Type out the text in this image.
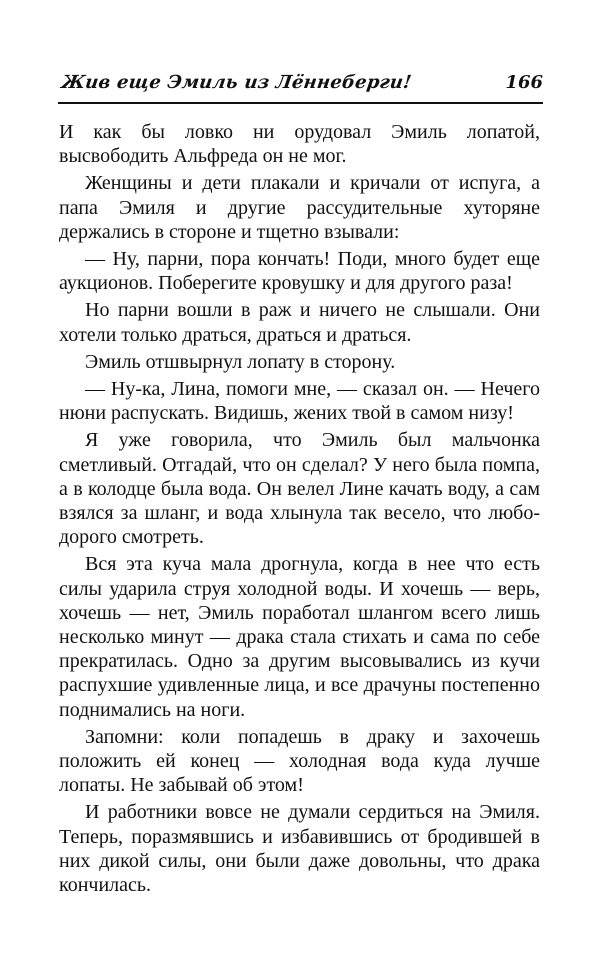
Жив еще Эмиль из Лённеберги!	166

И как бы ловко ни орудовал Эмиль лопатой, высвободить Альфреда он не мог.

Женщины и дети плакали и кричали от испуга, а папа Эмиля и другие рассудительные хуторяне держались в стороне и тщетно взывали:

— Ну, парни, пора кончать! Поди, много будет еще аукционов. Поберегите кровушку и для другого раза!

Но парни вошли в раж и ничего не слышали. Они хотели только драться, драться и драться.

Эмиль отшвырнул лопату в сторону.

— Ну-ка, Лина, помоги мне, — сказал он. — Нечего нюни распускать. Видишь, жених твой в самом низу!

Я уже говорила, что Эмиль был мальчонка сметливый. Отгадай, что он сделал? У него была помпа, а в колодце была вода. Он велел Лине качать воду, а сам взялся за шланг, и вода хлынула так весело, что любо-дорого смотреть.

Вся эта куча мала дрогнула, когда в нее что есть силы ударила струя холодной воды. И хочешь — верь, хочешь — нет, Эмиль поработал шлангом всего лишь несколько минут — драка стала стихать и сама по себе прекратилась. Одно за другим высовывались из кучи распухшие удивленные лица, и все драчуны постепенно поднимались на ноги.

Запомни: коли попадешь в драку и захочешь положить ей конец — холодная вода куда лучше лопаты. Не забывай об этом!

И работники вовсе не думали сердиться на Эмиля. Теперь, поразмявшись и избавившись от бродившей в них дикой силы, они были даже довольны, что драка кончилась.
